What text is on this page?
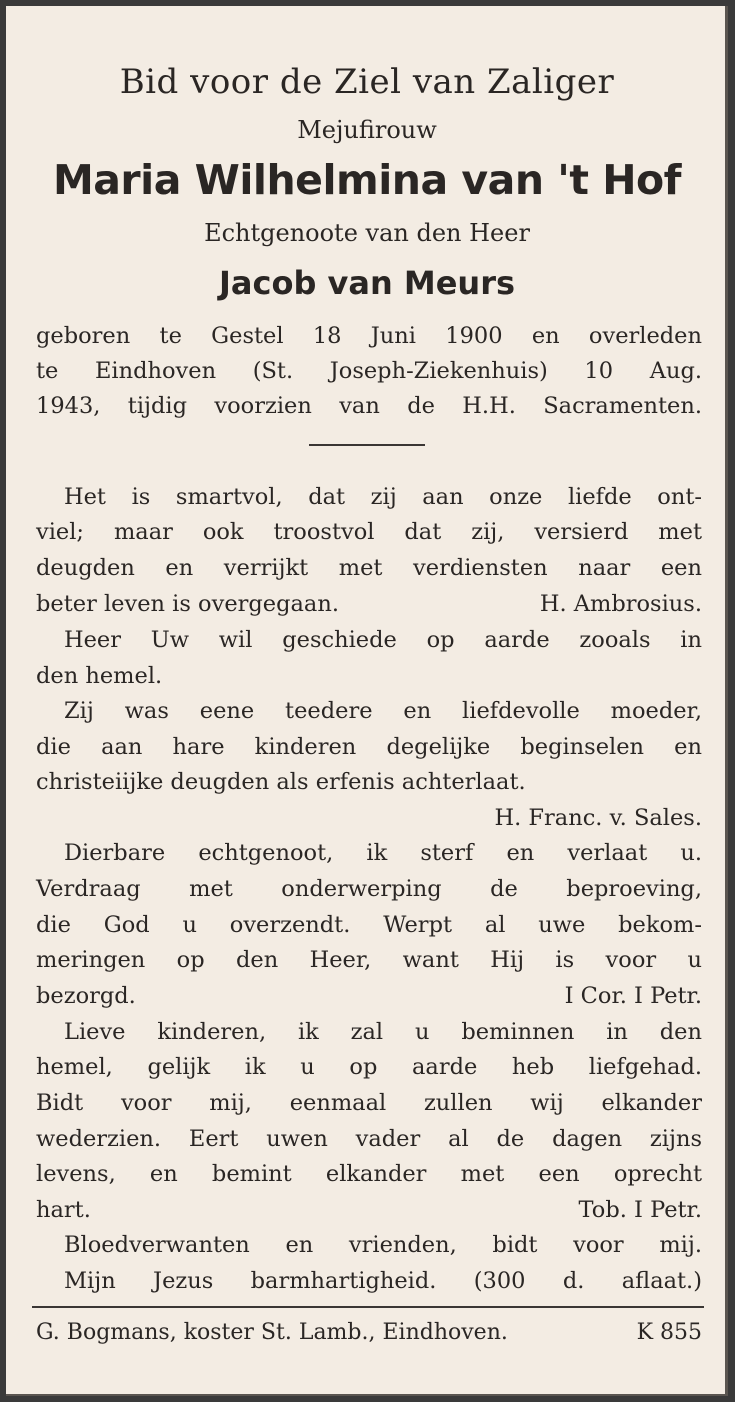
Bid voor de Ziel van Zaliger
Mejufirouw
Maria Wilhelmina van 't Hof
Echtgenoote van den Heer
Jacob van Meurs
geboren te Gestel 18 Juni 1900 en overleden
te Eindhoven (St. Joseph-Ziekenhuis) 10 Aug.
1943, tijdig voorzien van de H.H. Sacramenten.
Het is smartvol, dat zij aan onze liefde ont-
viel; maar ook troostvol dat zij, versierd met
deugden en verrijkt met verdiensten naar een
beter leven is overgegaan.	H. Ambrosius.
Heer Uw wil geschiede op aarde zooals in
den hemel.
Zij was eene teedere en liefdevolle moeder,
die aan hare kinderen degelijke beginselen en
christeiijke deugden als erfenis achterlaat.
H. Franc. v. Sales.
Dierbare echtgenoot, ik sterf en verlaat u.
Verdraag met onderwerping de beproeving,
die God u overzendt. Werpt al uwe bekom-
meringen op den Heer, want Hij is voor u
bezorgd.	I Cor. I Petr.
Lieve kinderen, ik zal u beminnen in den
hemel, gelijk ik u op aarde heb liefgehad.
Bidt voor mij, eenmaal zullen wij elkander
wederzien. Eert uwen vader al de dagen zijns
levens, en bemint elkander met een oprecht
hart.	Tob. I Petr.
Bloedverwanten en vrienden, bidt voor mij.
Mijn Jezus barmhartigheid. (300 d. aflaat.)
G. Bogmans, koster St. Lamb., Eindhoven.	K 855
